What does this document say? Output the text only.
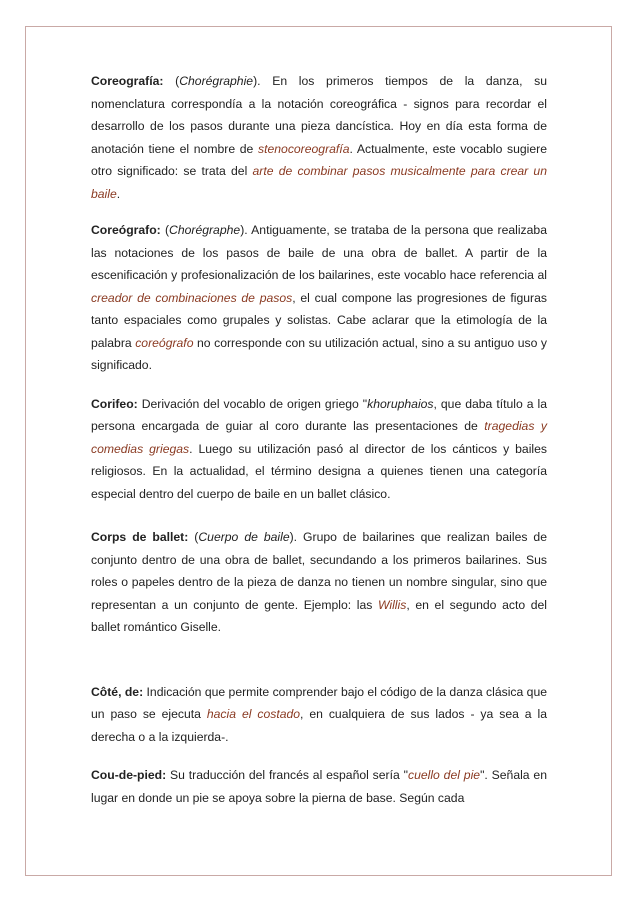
Coreografía: (Chorégraphie). En los primeros tiempos de la danza, su nomenclatura correspondía a la notación coreográfica - signos para recordar el desarrollo de los pasos durante una pieza dancística. Hoy en día esta forma de anotación tiene el nombre de stenocoreografía. Actualmente, este vocablo sugiere otro significado: se trata del arte de combinar pasos musicalmente para crear un baile.

Coreógrafo: (Chorégraphe). Antiguamente, se trataba de la persona que realizaba las notaciones de los pasos de baile de una obra de ballet. A partir de la escenificación y profesionalización de los bailarines, este vocablo hace referencia al creador de combinaciones de pasos, el cual compone las progresiones de figuras tanto espaciales como grupales y solistas. Cabe aclarar que la etimología de la palabra coreógrafo no corresponde con su utilización actual, sino a su antiguo uso y significado.

Corifeo: Derivación del vocablo de origen griego "khoruphaios, que daba título a la persona encargada de guiar al coro durante las presentaciones de tragedias y comedias griegas. Luego su utilización pasó al director de los cánticos y bailes religiosos. En la actualidad, el término designa a quienes tienen una categoría especial dentro del cuerpo de baile en un ballet clásico.

Corps de ballet: (Cuerpo de baile). Grupo de bailarines que realizan bailes de conjunto dentro de una obra de ballet, secundando a los primeros bailarines. Sus roles o papeles dentro de la pieza de danza no tienen un nombre singular, sino que representan a un conjunto de gente. Ejemplo: las Willis, en el segundo acto del ballet romántico Giselle.

Côté, de: Indicación que permite comprender bajo el código de la danza clásica que un paso se ejecuta hacia el costado, en cualquiera de sus lados - ya sea a la derecha o a la izquierda-.

Cou-de-pied: Su traducción del francés al español sería "cuello del pie". Señala en lugar en donde un pie se apoya sobre la pierna de base. Según cada
